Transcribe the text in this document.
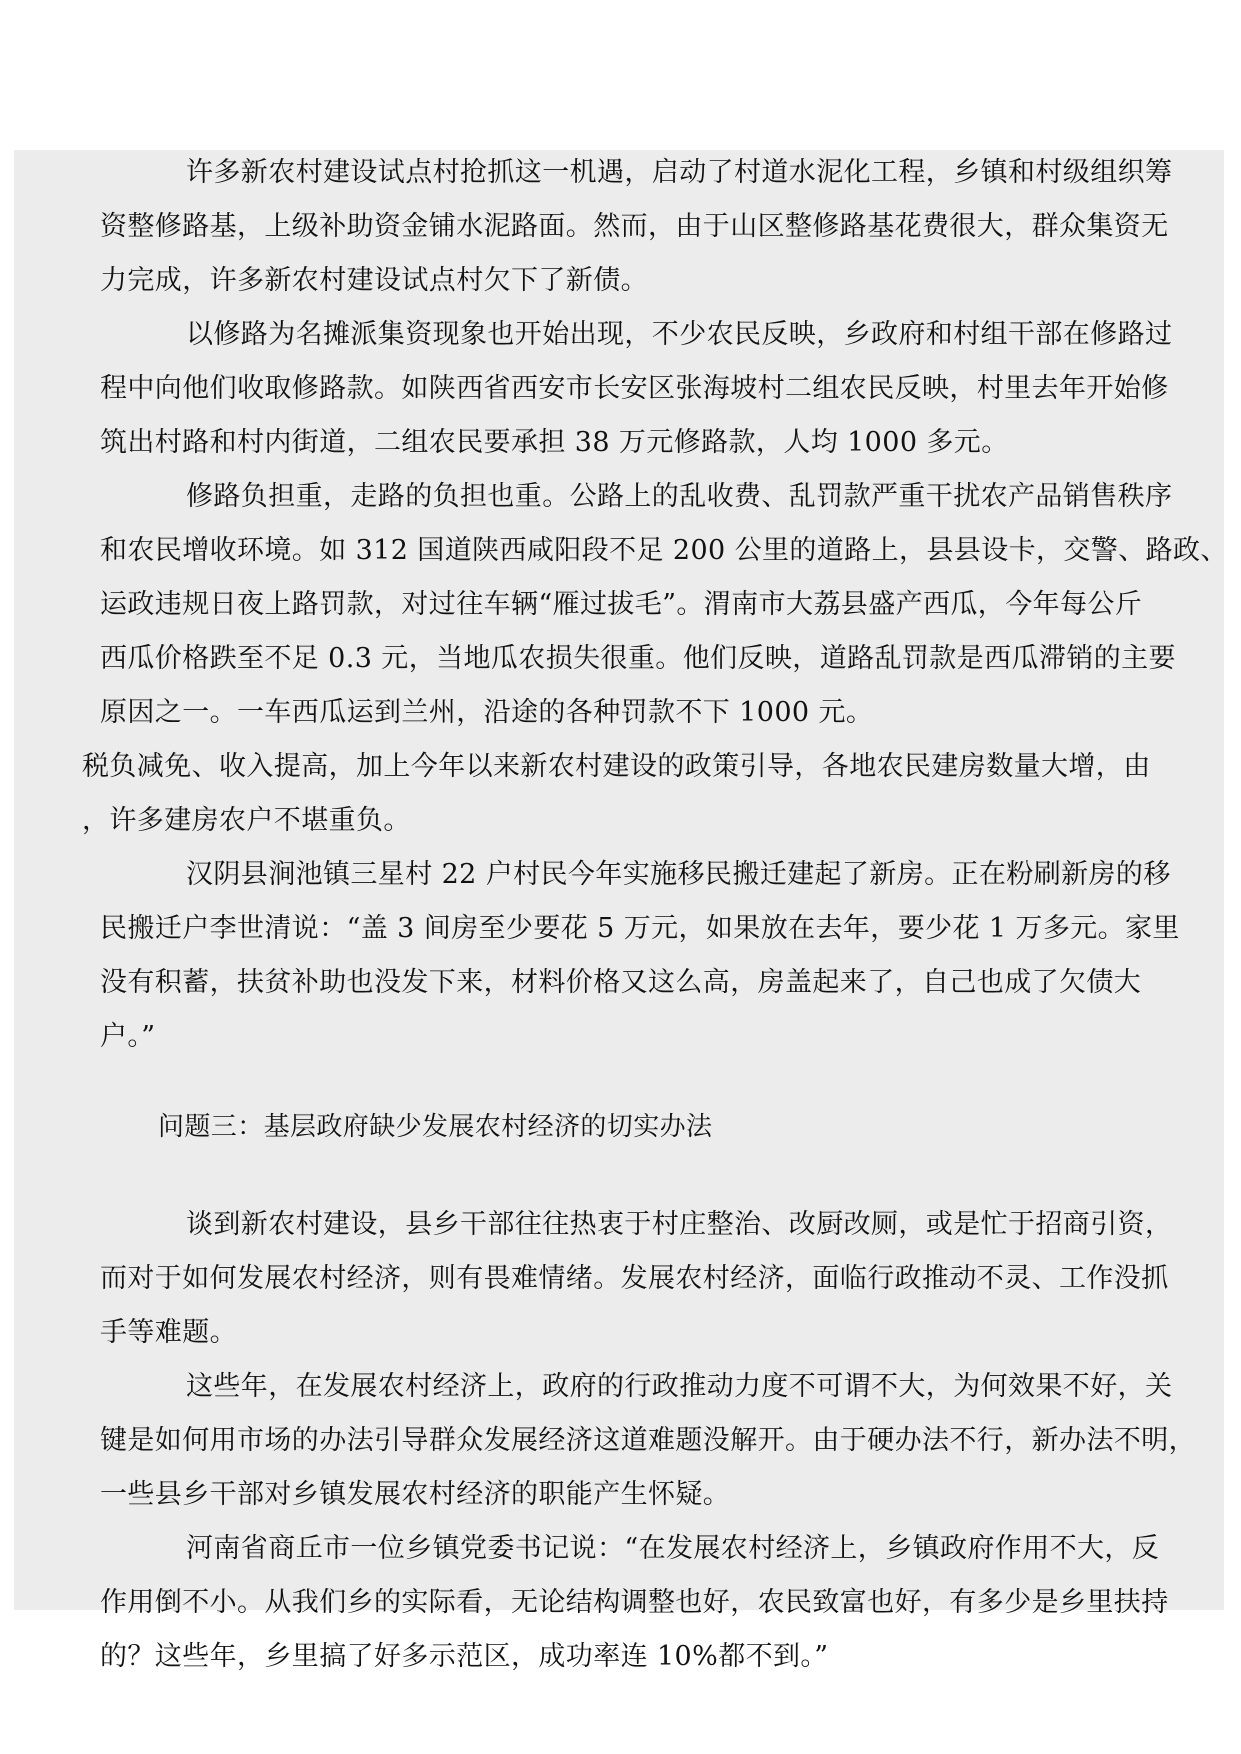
许多新农村建设试点村抢抓这一机遇，启动了村道水泥化工程，乡镇和村级组织筹
资整修路基，上级补助资金铺水泥路面。然而，由于山区整修路基花费很大，群众集资无
力完成，许多新农村建设试点村欠下了新债。
以修路为名摊派集资现象也开始出现，不少农民反映，乡政府和村组干部在修路过
程中向他们收取修路款。如陕西省西安市长安区张海坡村二组农民反映，村里去年开始修
筑出村路和村内街道，二组农民要承担 38 万元修路款，人均 1000 多元。
修路负担重，走路的负担也重。公路上的乱收费、乱罚款严重干扰农产品销售秩序
和农民增收环境。如 312 国道陕西咸阳段不足 200 公里的道路上，县县设卡，交警、路政、
运政违规日夜上路罚款，对过往车辆“雁过拔毛”。渭南市大荔县盛产西瓜，今年每公斤
西瓜价格跌至不足 0.3 元，当地瓜农损失很重。他们反映，道路乱罚款是西瓜滞销的主要
原因之一。一车西瓜运到兰州，沿途的各种罚款不下 1000 元。
税负减免、收入提高，加上今年以来新农村建设的政策引导，各地农民建房数量大增，由
，许多建房农户不堪重负。
汉阴县涧池镇三星村 22 户村民今年实施移民搬迁建起了新房。正在粉刷新房的移
民搬迁户李世清说：“盖 3 间房至少要花 5 万元，如果放在去年，要少花 1 万多元。家里
没有积蓄，扶贫补助也没发下来，材料价格又这么高，房盖起来了，自己也成了欠债大
户。”
问题三：基层政府缺少发展农村经济的切实办法
谈到新农村建设，县乡干部往往热衷于村庄整治、改厨改厕，或是忙于招商引资，
而对于如何发展农村经济，则有畏难情绪。发展农村经济，面临行政推动不灵、工作没抓
手等难题。
这些年，在发展农村经济上，政府的行政推动力度不可谓不大，为何效果不好，关
键是如何用市场的办法引导群众发展经济这道难题没解开。由于硬办法不行，新办法不明，
一些县乡干部对乡镇发展农村经济的职能产生怀疑。
河南省商丘市一位乡镇党委书记说：“在发展农村经济上，乡镇政府作用不大，反
作用倒不小。从我们乡的实际看，无论结构调整也好，农民致富也好，有多少是乡里扶持
的？这些年，乡里搞了好多示范区，成功率连 10%都不到。”
